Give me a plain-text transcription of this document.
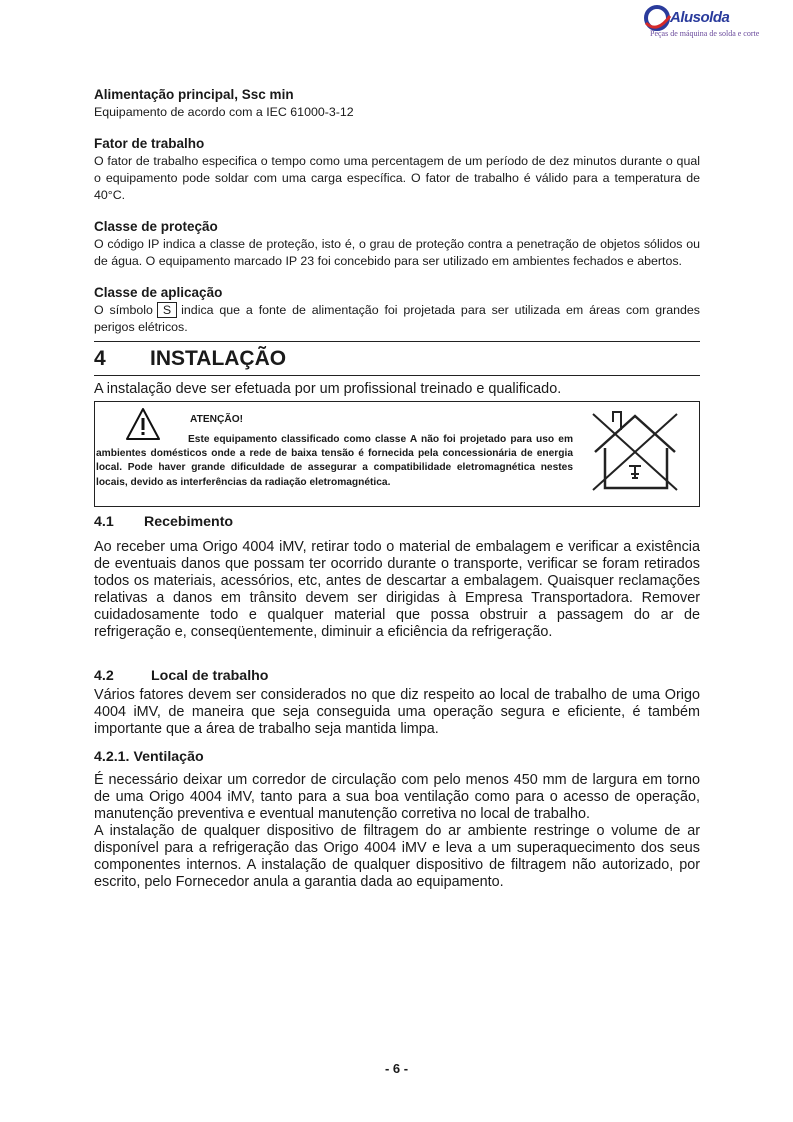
Alusolda
Peças de máquina de solda e corte

Alimentação principal, Ssc min

Equipamento de acordo com a IEC 61000-3-12

Fator de trabalho

O fator de trabalho especifica o tempo como uma percentagem de um período de dez minutos durante o qual o equipamento pode soldar com uma carga específica. O fator de trabalho é válido para a temperatura de 40°C.

Classe de proteção

O código IP indica a classe de proteção, isto é, o grau de proteção contra a penetração de objetos sólidos ou de água. O equipamento marcado IP 23 foi concebido para ser utilizado em ambientes fechados e abertos.

Classe de aplicação

O símbolo S indica que a fonte de alimentação foi projetada para ser utilizada em áreas com grandes perigos elétricos.

4	INSTALAÇÃO

A instalação deve ser efetuada por um profissional treinado e qualificado.

ATENÇÃO!

Este equipamento classificado como classe A não foi projetado para uso em ambientes domésticos onde a rede de baixa tensão é fornecida pela concessionária de energia local. Pode haver grande dificuldade de assegurar a compatibilidade eletromagnética nestes locais, devido as interferências da radiação eletromagnética.

4.1	Recebimento

Ao receber uma Origo 4004 iMV, retirar todo o material de embalagem e verificar a existência de eventuais danos que possam ter ocorrido durante o transporte, verificar se foram retirados todos os materiais, acessórios, etc, antes de descartar a embalagem. Quaisquer reclamações relativas a danos em trânsito devem ser dirigidas à Empresa Transportadora. Remover cuidadosamente todo e qualquer material que possa obstruir a passagem do ar de refrigeração e, conseqüentemente, diminuir a eficiência da refrigeração.

4.2	Local de trabalho

Vários fatores devem ser considerados no que diz respeito ao local de trabalho de uma Origo 4004 iMV, de maneira que seja conseguida uma operação segura e eficiente, é também importante que a área de trabalho seja mantida limpa.

4.2.1. Ventilação

É necessário deixar um corredor de circulação com pelo menos 450 mm de largura em torno de uma Origo 4004 iMV, tanto para a sua boa ventilação como para o acesso de operação, manutenção preventiva e eventual manutenção corretiva no local de trabalho.

A instalação de qualquer dispositivo de filtragem do ar ambiente restringe o volume de ar disponível para a refrigeração das Origo 4004 iMV e leva a um superaquecimento dos seus componentes internos. A instalação de qualquer dispositivo de filtragem não autorizado, por escrito, pelo Fornecedor anula a garantia dada ao equipamento.

- 6 -
